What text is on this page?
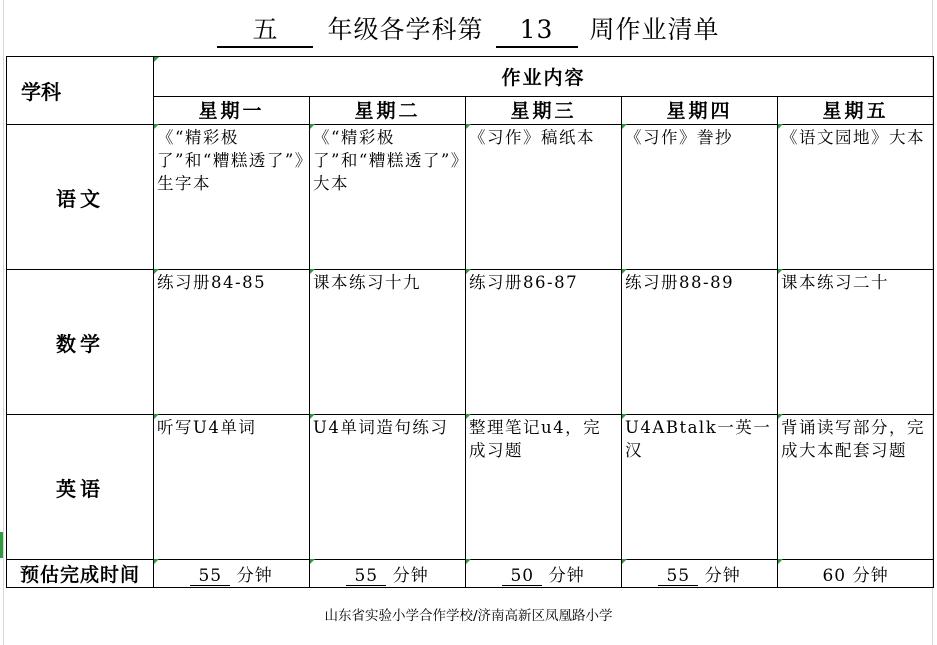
五 年级各学科第 13 周作业清单
学科	作业内容				
	星期一	星期二	星期三	星期四	星期五
语文	《“精彩极了”和“糟糕透了”》生字本	《“精彩极了”和“糟糕透了”》大本	《习作》稿纸本	《习作》誊抄	《语文园地》大本
数学	练习册84-85	课本练习十九	练习册86-87	练习册88-89	课本练习二十
英语	听写U4单词	U4单词造句练习	整理笔记u4，完成习题	U4ABtalk一英一汉	背诵读写部分，完成大本配套习题
预估完成时间	55 分钟	55 分钟	50 分钟	55 分钟	60 分钟
山东省实验小学合作学校/济南高新区凤凰路小学
